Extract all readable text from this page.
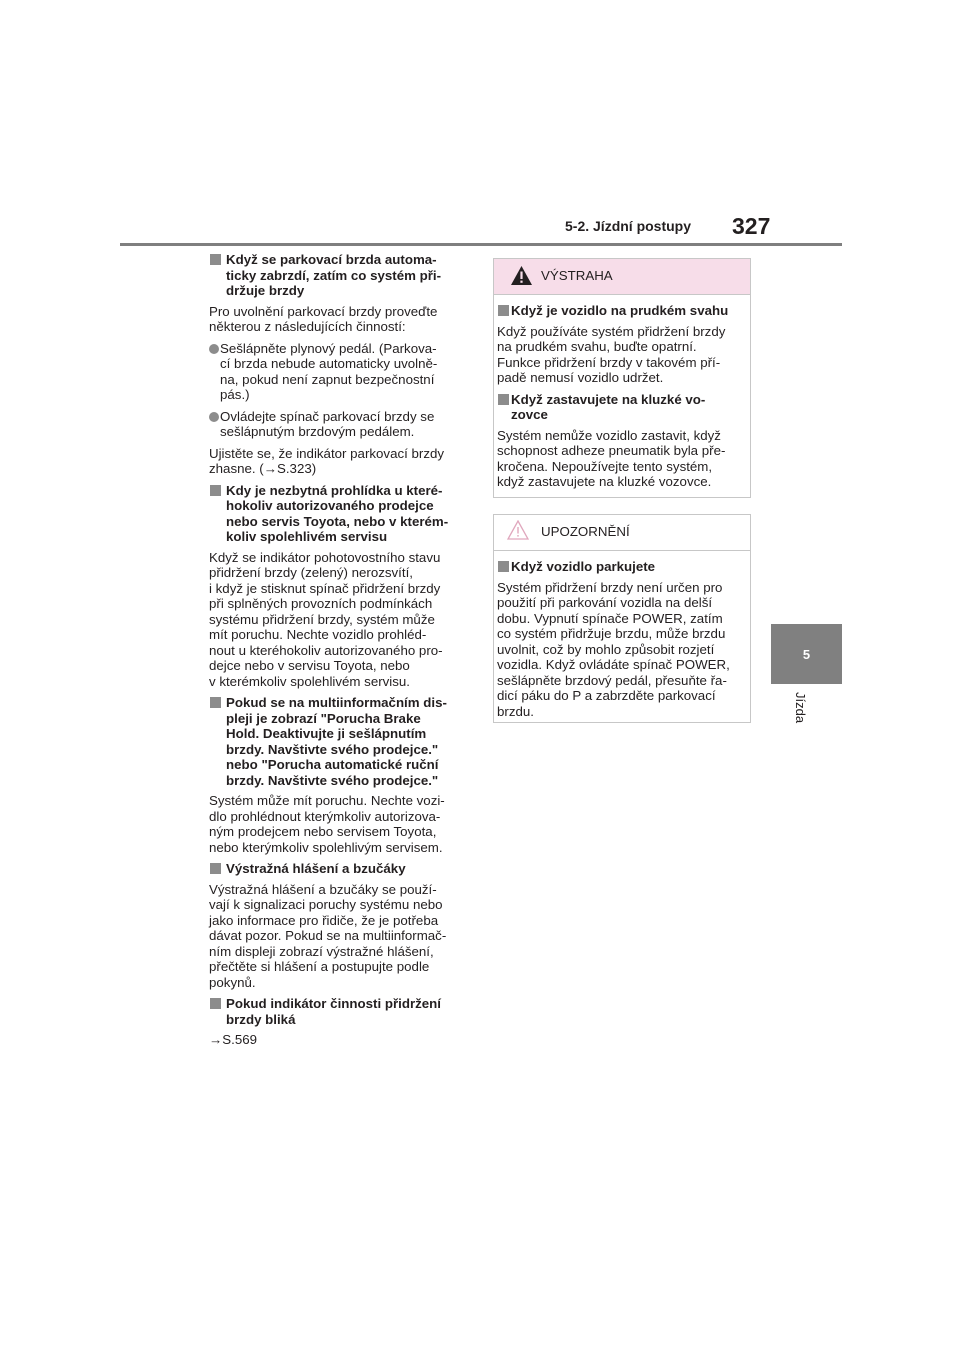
5-2. Jízdní postupy 327
5
Jízda
Když se parkovací brzda automa-
ticky zabrzdí, zatím co systém při-
držuje brzdy
Pro uvolnění parkovací brzdy proveďte
některou z následujících činností:
Sešlápněte plynový pedál. (Parkova-
cí brzda nebude automaticky uvolně-
na, pokud není zapnut bezpečnostní
pás.)
Ovládejte spínač parkovací brzdy se
sešlápnutým brzdovým pedálem.
Ujistěte se, že indikátor parkovací brzdy
zhasne. (→S.323)
Kdy je nezbytná prohlídka u které-
hokoliv autorizovaného prodejce
nebo servis Toyota, nebo v kterém-
koliv spolehlivém servisu
Když se indikátor pohotovostního stavu
přidržení brzdy (zelený) nerozsvítí,
i když je stisknut spínač přidržení brzdy
při splněných provozních podmínkách
systému přidržení brzdy, systém může
mít poruchu. Nechte vozidlo prohléd-
nout u kteréhokoliv autorizovaného pro-
dejce nebo v servisu Toyota, nebo
v kterémkoliv spolehlivém servisu.
Pokud se na multiinformačním dis-
pleji je zobrazí "Porucha Brake
Hold. Deaktivujte ji sešlápnutím
brzdy. Navštivte svého prodejce."
nebo "Porucha automatické ruční
brzdy. Navštivte svého prodejce."
Systém může mít poruchu. Nechte vozi-
dlo prohlédnout kterýmkoliv autorizova-
ným prodejcem nebo servisem Toyota,
nebo kterýmkoliv spolehlivým servisem.
Výstražná hlášení a bzučáky
Výstražná hlášení a bzučáky se použí-
vají k signalizaci poruchy systému nebo
jako informace pro řidiče, že je potřeba
dávat pozor. Pokud se na multiinformač-
ním displeji zobrazí výstražné hlášení,
přečtěte si hlášení a postupujte podle
pokynů.
Pokud indikátor činnosti přidržení
brzdy bliká
→S.569
VÝSTRAHA
Když je vozidlo na prudkém svahu
Když používáte systém přidržení brzdy
na prudkém svahu, buďte opatrní.
Funkce přidržení brzdy v takovém pří-
padě nemusí vozidlo udržet.
Když zastavujete na kluzké vo-
zovce
Systém nemůže vozidlo zastavit, když
schopnost adheze pneumatik byla pře-
kročena. Nepoužívejte tento systém,
když zastavujete na kluzké vozovce.
UPOZORNĚNÍ
Když vozidlo parkujete
Systém přidržení brzdy není určen pro
použití při parkování vozidla na delší
dobu. Vypnutí spínače POWER, zatím
co systém přidržuje brzdu, může brzdu
uvolnit, což by mohlo způsobit rozjetí
vozidla. Když ovládáte spínač POWER,
sešlápněte brzdový pedál, přesuňte řa-
dicí páku do P a zabrzděte parkovací
brzdu.
